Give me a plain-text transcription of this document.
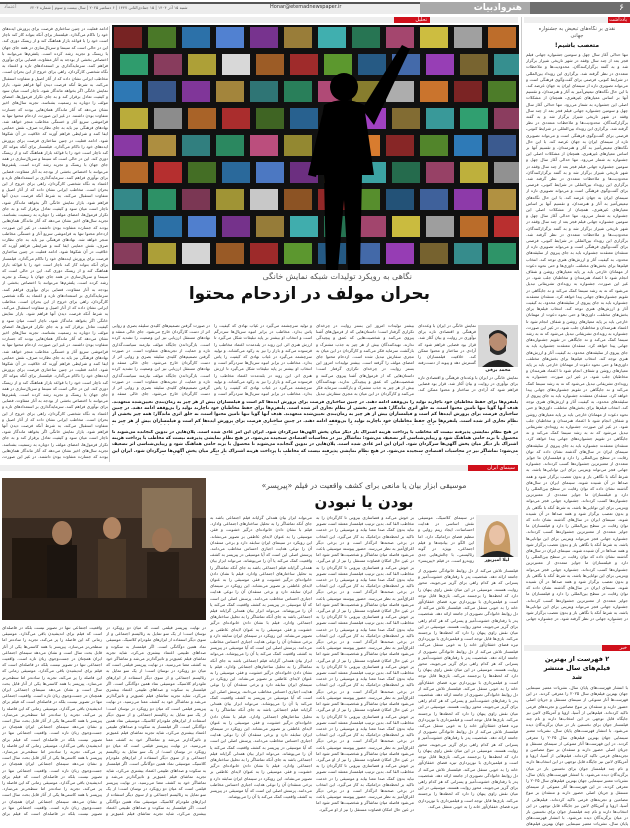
۶
هنروادبیات
Honar@etemadnewspaper.ir
شنبه ۱۵ آذر ۱۴۰۴ | ۱۵ جمادی‌الثانی ۱۴۴۷ | ۶ دسامبر ۲۰۲۵ | سال بیست و سوم | شماره ۶۲۰۴
اعتماد
یادداشت
تحلیل
نقدی بر نگاه‌های تبعیض به جشنواره جهانی
متعصب باشیم!
تنها حدالی آغاز سال چهل و سومین جشنواره جهانی فیلم فجر بعد از چند سال وقفه در شهر تاریخی شیراز برگزار شد و به گفته برگزارکنندگان، محدودیت‌ها و ملاحظات متعددی در نظر گرفته شد. برگزاری این رویداد بین‌المللی در شرایط کنونی، فرصتی برای گفت‌وگوی فرهنگی است و می‌تواند تصویری تازه از سینمای ایران به جهان عرضه کند. با این حال نگاه‌های تبعیض‌آمیز به آثار و هنرمندان، و تقسیم آنها بر اساس معیارهای غیرهنری، همچنان از مشکلات اصلی این جشنواره به شمار می‌رود. تنها حدالی آغاز سال چهل و سومین جشنواره جهانی فیلم فجر بعد از چند سال وقفه در شهر تاریخی شیراز برگزار شد و به گفته برگزارکنندگان، محدودیت‌ها و ملاحظات متعددی در نظر گرفته شد. برگزاری این رویداد بین‌المللی در شرایط کنونی، فرصتی برای گفت‌وگوی فرهنگی است و می‌تواند تصویری تازه از سینمای ایران به جهان عرضه کند. با این حال نگاه‌های تبعیض‌آمیز به آثار و هنرمندان، و تقسیم آنها بر اساس معیارهای غیرهنری، همچنان از مشکلات اصلی این جشنواره به شمار می‌رود. تنها حدالی آغاز سال چهل و سومین جشنواره جهانی فیلم فجر بعد از چند سال وقفه در شهر تاریخی شیراز برگزار شد و به گفته برگزارکنندگان، محدودیت‌ها و ملاحظات متعددی در نظر گرفته شد. برگزاری این رویداد بین‌المللی در شرایط کنونی، فرصتی برای گفت‌وگوی فرهنگی است و می‌تواند تصویری تازه از سینمای ایران به جهان عرضه کند. با این حال نگاه‌های تبعیض‌آمیز به آثار و هنرمندان، و تقسیم آنها بر اساس معیارهای غیرهنری، همچنان از مشکلات اصلی این جشنواره به شمار می‌رود. تنها حدالی آغاز سال چهل و سومین جشنواره جهانی فیلم فجر بعد از چند سال وقفه در شهر تاریخی شیراز برگزار شد و به گفته برگزارکنندگان، محدودیت‌ها و ملاحظات متعددی در نظر گرفته شد. برگزاری این رویداد بین‌المللی در شرایط کنونی، فرصتی برای گفت‌وگوی فرهنگی است و می‌تواند تصویری تازه از
منتقدان معتقدند جشنواره باید به جای پیروی از سلیقه‌های محدود، به کیفیت آثار و ارزش‌های هنری توجه کند. انتخاب فیلم‌ها برای بخش‌های مختلف، داوری‌ها و حتی نحوه دعوت از مهمانان خارجی باید بر پایه معیارهای روشن و شفاف انجام شود تا اعتماد هنرمندان و مخاطبان جلب شود. در غیر این صورت، جشنواره به رویدادی تشریفاتی تبدیل می‌شود که نه به رشد سینما کمک می‌کند و نه جایگاهی در تقویم جشنواره‌های جهانی پیدا خواهد کرد. منتقدان معتقدند جشنواره باید به جای پیروی از سلیقه‌های محدود، به کیفیت آثار و ارزش‌های هنری توجه کند. انتخاب فیلم‌ها برای بخش‌های مختلف، داوری‌ها و حتی نحوه دعوت از مهمانان خارجی باید بر پایه معیارهای روشن و شفاف انجام شود تا اعتماد هنرمندان و مخاطبان جلب شود. در غیر این صورت، جشنواره به رویدادی تشریفاتی تبدیل می‌شود که نه به رشد سینما کمک می‌کند و نه جایگاهی در تقویم جشنواره‌های جهانی پیدا خواهد کرد. منتقدان معتقدند جشنواره باید به جای پیروی از سلیقه‌های محدود، به کیفیت آثار و ارزش‌های هنری توجه کند. انتخاب فیلم‌ها برای بخش‌های مختلف، داوری‌ها و حتی نحوه دعوت از مهمانان خارجی باید بر پایه معیارهای روشن و شفاف انجام شود تا اعتماد هنرمندان و مخاطبان جلب شود. در غیر این صورت، جشنواره به رویدادی تشریفاتی تبدیل می‌شود که نه به رشد سینما کمک می‌کند و نه جایگاهی در تقویم جشنواره‌های جهانی پیدا خواهد کرد. منتقدان معتقدند جشنواره باید به جای پیروی از سلیقه‌های محدود، به کیفیت آثار و ارزش‌های هنری توجه کند. انتخاب فیلم‌ها برای بخش‌های مختلف، داوری‌ها و حتی نحوه دعوت از مهمانان خارجی باید بر پایه معیارهای روشن و شفاف انجام شود تا اعتماد هنرمندان و مخاطبان جلب شود. در غیر این صورت، جشنواره به رویدادی تشریفاتی تبدیل می‌شود که نه به رشد سینما کمک می‌کند و نه جایگاهی در تقویم جشنواره‌های جهانی پیدا خواهد کرد. منتقدان معتقدند جشنواره باید به جای پیروی از سلیقه‌های
سینمای ایران در سال‌های گذشته نشان داده که توان رقابت در سطح بین‌المللی را دارد و فیلمسازان ما جوایز متعددی از معتبرترین جشنواره‌ها کسب کرده‌اند. جشنواره جهانی فجر می‌تواند ویترینی برای این توانایی‌ها باشد، به شرط آنکه با نگاهی باز و بدون تعصب برگزار شود و همه صداها در آن شنیده شوند. سینمای ایران در سال‌های گذشته نشان داده که توان رقابت در سطح بین‌المللی را دارد و فیلمسازان ما جوایز متعددی از معتبرترین جشنواره‌ها کسب کرده‌اند. جشنواره جهانی فجر می‌تواند ویترینی برای این توانایی‌ها باشد، به شرط آنکه با نگاهی باز و بدون تعصب برگزار شود و همه صداها در آن شنیده شوند. سینمای ایران در سال‌های گذشته نشان داده که توان رقابت در سطح بین‌المللی را دارد و فیلمسازان ما جوایز متعددی از معتبرترین جشنواره‌ها کسب کرده‌اند. جشنواره جهانی فجر می‌تواند ویترینی برای این توانایی‌ها باشد، به شرط آنکه با نگاهی باز و بدون تعصب برگزار شود و همه صداها در آن شنیده شوند. سینمای ایران در سال‌های گذشته نشان داده که توان رقابت در سطح بین‌المللی را دارد و فیلمسازان ما جوایز متعددی از معتبرترین جشنواره‌ها کسب کرده‌اند. جشنواره جهانی فجر می‌تواند ویترینی برای این توانایی‌ها باشد، به شرط آنکه با نگاهی باز و بدون تعصب برگزار شود و همه صداها در آن شنیده شوند. سینمای ایران در سال‌های گذشته نشان داده که توان رقابت در سطح بین‌المللی را دارد و فیلمسازان ما جوایز متعددی از معتبرترین جشنواره‌ها کسب کرده‌اند. جشنواره جهانی فجر می‌تواند ویترینی برای این توانایی‌ها باشد، به شرط آنکه با نگاهی باز و بدون تعصب برگزار شود
در جشنواره جهانی در نظر گرفته شود. در جشنواره جهانی
خبر
۲ فهرست از بهترین فیلم‌های سال منتشر شد
با انتشار فهرست‌های پایان سال، نشریات معتبر سینمایی جهان بهترین فیلم‌های سال ۲۰۲۵ را معرفی کردند. در این فهرست‌ها آثار متنوعی از سینمای مستقل و جریان اصلی حضور دارند و منتقدان بر تنوع مضامین و تجربه‌های فرمی تاکید کرده‌اند. فیلم‌هایی از آسیا، اروپا و آمریکای لاتین نیز جایگاه قابل توجهی در این انتخاب‌ها دارند و نام چند فیلمساز جوان برای نخستین بار در میان برگزیدگان دیده می‌شود. با انتشار فهرست‌های پایان سال، نشریات معتبر سینمایی جهان بهترین فیلم‌های سال ۲۰۲۵ را معرفی کردند. در این فهرست‌ها آثار متنوعی از سینمای مستقل و جریان اصلی حضور دارند و منتقدان بر تنوع مضامین و تجربه‌های فرمی تاکید کرده‌اند. فیلم‌هایی از آسیا، اروپا و آمریکای لاتین نیز جایگاه قابل توجهی در این انتخاب‌ها دارند و نام چند فیلمساز جوان برای نخستین بار در میان برگزیدگان دیده می‌شود. با انتشار فهرست‌های پایان سال، نشریات معتبر سینمایی جهان بهترین فیلم‌های سال ۲۰۲۵ را معرفی کردند. در این فهرست‌ها آثار متنوعی از سینمای مستقل و جریان اصلی حضور دارند و منتقدان بر تنوع مضامین و تجربه‌های فرمی تاکید کرده‌اند. فیلم‌هایی از آسیا، اروپا و آمریکای لاتین نیز جایگاه قابل توجهی در این انتخاب‌ها دارند و نام چند فیلمساز جوان برای نخستین بار در میان برگزیدگان دیده می‌شود. با انتشار فهرست‌های پایان سال، نشریات معتبر سینمایی جهان بهترین فیلم‌های
ادامه فعلیت در چنین ساختاری فرصت برای پرورش ایده‌های خود را ناکام می‌گذارد. فیلمساز برای آنکه بتواند کار کند ناچار است خود را با قواعد بازار هماهنگ کند و از ریسک دوری کند. این در حالی است که سینما و سریال‌سازی در همه جای جهان با ریسک و تجربه رشد کرده است. پلتفرم‌ها می‌توانند با اختصاص بخشی از بودجه به آثار متفاوت، فضایی برای نوآوری فراهم کنند. سرمایه‌گذاری بر استعدادهای تازه و اعتماد به نگاه شخصی کارگردان، راهی برای خروج از این بحران است. مخاطب ایرانی نشان داده که از آثار اصیل و متفاوت استقبال می‌کند، به شرط آنکه فرصت دیدن آنها فراهم شود. بازار نمایش خانگی اگر بخواهد ماندگار شود، ناچار است میان سود و کیفیت تعادل برقرار کند و به جای تکرار فرمول‌ها، امضای مولف را دوباره به رسمیت بشناسد. تجربه سال‌های اخیر نشان می‌دهد که آثار ماندگار همان‌هایی بودند که جسارت متفاوت بودن داشتند. در غیر این صورت، ازدحام محتوا تنها به فراموشی سریع آثار و خستگی مخاطب منجر خواهد شد. نهادهای فرهنگی نیز باید به جای نظارت صرف، نقش حمایتی ایفا کنند و شرایطی فراهم آورند که خلاقیت در آن شکوفا شود. ادامه فعلیت در چنین ساختاری فرصت برای پرورش ایده‌های خود را ناکام می‌گذارد. فیلمساز برای آنکه بتواند کار کند ناچار است خود را با قواعد بازار هماهنگ کند و از ریسک دوری کند. این در حالی است که سینما و سریال‌سازی در همه جای جهان با ریسک و تجربه رشد کرده است. پلتفرم‌ها می‌توانند با اختصاص بخشی از بودجه به آثار متفاوت، فضایی برای نوآوری فراهم کنند. سرمایه‌گذاری بر استعدادهای تازه و اعتماد به نگاه شخصی کارگردان، راهی برای خروج از این بحران است. مخاطب ایرانی نشان داده که از آثار اصیل و متفاوت استقبال می‌کند، به شرط آنکه فرصت دیدن آنها فراهم شود. بازار نمایش خانگی اگر بخواهد ماندگار شود، ناچار است میان سود و کیفیت تعادل برقرار کند و به جای تکرار فرمول‌ها، امضای مولف را دوباره به رسمیت بشناسد. تجربه سال‌های اخیر نشان می‌دهد که آثار ماندگار همان‌هایی بودند که جسارت متفاوت بودن داشتند. در غیر این صورت، ازدحام محتوا تنها به فراموشی سریع آثار و خستگی مخاطب منجر خواهد شد. نهادهای فرهنگی نیز باید به جای نظارت صرف، نقش حمایتی ایفا کنند و شرایطی فراهم آورند که خلاقیت در آن شکوفا شود. ادامه فعلیت در چنین ساختاری فرصت برای پرورش ایده‌های خود را ناکام می‌گذارد. فیلمساز برای آنکه بتواند کار کند ناچار است خود را با قواعد بازار هماهنگ کند و از ریسک دوری کند. این در حالی است که سینما و سریال‌سازی در همه جای جهان با ریسک و تجربه رشد کرده است. پلتفرم‌ها می‌توانند با اختصاص بخشی از بودجه به آثار متفاوت، فضایی برای نوآوری فراهم کنند. سرمایه‌گذاری بر استعدادهای تازه و اعتماد به نگاه شخصی کارگردان، راهی برای خروج از این بحران است. مخاطب ایرانی نشان داده که از آثار اصیل و متفاوت استقبال می‌کند، به شرط آنکه فرصت دیدن آنها فراهم شود. بازار نمایش خانگی اگر بخواهد ماندگار شود، ناچار است میان سود و کیفیت تعادل برقرار کند و به جای تکرار فرمول‌ها، امضای مولف را دوباره به رسمیت بشناسد. تجربه سال‌های اخیر نشان می‌دهد که آثار ماندگار همان‌هایی بودند که جسارت متفاوت بودن داشتند. در غیر این صورت، ازدحام محتوا تنها به فراموشی سریع آثار و خستگی مخاطب منجر خواهد شد. نهادهای فرهنگی نیز باید به جای نظارت صرف، نقش حمایتی ایفا کنند و شرایطی فراهم آورند که خلاقیت در آن شکوفا شود. ادامه فعلیت در چنین ساختاری فرصت برای پرورش ایده‌های خود را ناکام می‌گذارد. فیلمساز برای آنکه بتواند کار کند ناچار است خود را با قواعد بازار هماهنگ کند و از ریسک دوری کند. این در حالی است که سینما و سریال‌سازی در همه جای جهان با ریسک و تجربه رشد کرده است. پلتفرم‌ها می‌توانند با اختصاص بخشی از بودجه به آثار متفاوت، فضایی برای نوآوری فراهم کنند. سرمایه‌گذاری بر استعدادهای تازه و اعتماد به نگاه شخصی کارگردان، راهی برای خروج از این بحران است. مخاطب ایرانی نشان داده که از آثار اصیل و متفاوت استقبال می‌کند، به شرط آنکه فرصت دیدن آنها فراهم شود. بازار نمایش خانگی اگر بخواهد ماندگار شود، ناچار است میان سود و کیفیت تعادل برقرار کند و به جای تکرار فرمول‌ها، امضای مولف را دوباره به رسمیت بشناسد. تجربه سال‌های اخیر نشان می‌دهد که آثار ماندگار همان‌هایی بودند که جسارت متفاوت بودن داشتند. در غیر این صورت،
نگاهی به رویکرد تولیدات شبکه نمایش خانگی
بحران مولف در ازدحام محتوا
محمد برقی
نمایش خانگی در ایران با وعده‌ای فرهنگی و اقتصادی تازه برای نوآوری در روایت و بیان آغاز شد. قرار بود فضایی فراهم شود که آزادی در ساختار و محتوا ممکن کند. خلاقیت فیلمسازان را گسترش دهد و پیوند از دست‌رفته
نمایش خانگی در ایران با وعده‌ای فرهنگی و اقتصادی تازه برای نوآوری در روایت و بیان آغاز شد. قرار بود فضایی فراهم شود که آزادی در ساختار و محتوا ممکن کند.
بیشتر تولیدات امروز این بستر روایت در چرخه‌ای تکراری گرفتار است؛ داستان‌هایی که از فرمول‌های آشنا پیروی می‌کنند و شخصیت‌هایی که عمق و پیچیدگی ندارند. تهیه‌کنندگان بیش از هر چیز به جذب مشترک و بازگشت سرمایه فکر می‌کنند و کارگردان در این میان به مجری سفارش تبدیل شده است. ازدحام محتوا جای امضای مولف را گرفته است. بیشتر تولیدات امروز این بستر روایت در چرخه‌ای تکراری گرفتار است؛ داستان‌هایی که از فرمول‌های آشنا پیروی می‌کنند و شخصیت‌هایی که عمق و پیچیدگی ندارند. تهیه‌کنندگان بیش از هر چیز به جذب مشترک و بازگشت سرمایه فکر می‌کنند و کارگردان در این میان به مجری سفارش تبدیل
و تولید سرچشمه می‌گیرد در غیاب نهادی که کیفیت را پاس بدارد. مخاطب در برابر انبوه سریال‌ها سردرگم است و انتخاب او بیشتر بر پایه تبلیغات شکل می‌گیرد تا ارزش هنری اثر. این روند در بلندمدت اعتماد مخاطب را فرسوده می‌کند و بازار را نیز به رکود می‌کشاند. و تولید سرچشمه می‌گیرد در غیاب نهادی که کیفیت را پاس بدارد. مخاطب در برابر انبوه سریال‌ها سردرگم است و انتخاب او بیشتر بر پایه تبلیغات شکل می‌گیرد تا ارزش هنری اثر. این روند در بلندمدت اعتماد مخاطب را فرسوده می‌کند و بازار را نیز به رکود می‌کشاند. و تولید سرچشمه می‌گیرد در غیاب نهادی که کیفیت را پاس بدارد. مخاطب در برابر انبوه سریال‌ها سردرگم است و
در صورت گرفتن تصمیم‌های کلیدی سلیقه بصری و روایی اثر از دست کارگردان خارج می‌شود. جای خالی منتقد و نهادهای مستقل ارزیابی نیز این وضعیت را تشدید کرده است. بازگرداندن جایگاه مولف نیازمند سیاست‌گذاری تازه و حمایت از تجربه‌های متفاوت است. در صورت گرفتن تصمیم‌های کلیدی سلیقه بصری و روایی اثر از دست کارگردان خارج می‌شود. جای خالی منتقد و نهادهای مستقل ارزیابی نیز این وضعیت را تشدید کرده است. بازگرداندن جایگاه مولف نیازمند سیاست‌گذاری تازه و حمایت از تجربه‌های متفاوت است. در صورت گرفتن تصمیم‌های کلیدی سلیقه بصری و روایی اثر از دست کارگردان خارج می‌شود. جای خالی منتقد و
پلتفرم‌ها برای حفظ مخاطبان خود ناچارند تولید را بی‌وقفه ادامه دهند. در چنین ساختاری فرصت برای پرورش ایده‌ها کم است و فیلمسازان بیش از هر چیز به زمان‌بندی تعیین‌شده متعهدند. هدف آنها گویا تنها تامین محتوا است، نه خلق اثری ماندگار؛ همه چیز بخشی از نظام تجاری اثر شده است. پلتفرم‌ها برای حفظ مخاطبان خود ناچارند تولید را بی‌وقفه ادامه دهند. در چنین ساختاری فرصت برای پرورش ایده‌ها کم است و فیلمسازان بیش از هر چیز به زمان‌بندی تعیین‌شده متعهدند. هدف آنها گویا تنها تامین محتوا است، نه خلق اثری ماندگار؛ همه چیز بخشی از نظام تجاری اثر شده است. پلتفرم‌ها برای حفظ مخاطبان خود ناچارند تولید را بی‌وقفه ادامه دهند. در چنین ساختاری فرصت برای پرورش ایده‌ها کم است و فیلمسازان بیش از هر چیز به
در هیچ نظام نمایشی پذیرفته نیست که مخاطب با پرداخت هزینه اشتراک بار دیگر میان پخش آگهی‌ها سرگردان شود. ایران این امر عادی شده است. پلان‌هایی در تدوین گنجانده می‌شوند تا محصول با برند حامی هماهنگ شود و زیبایی‌شناسی اثر تضعیف می‌شود؛ تماشاگر نیز در محاسبات اقتصادی سنجیده می‌شود. در هیچ نظام نمایشی پذیرفته نیست که مخاطب با پرداخت هزینه اشتراک بار دیگر میان پخش آگهی‌ها سرگردان شود. ایران این امر عادی شده است. پلان‌هایی در تدوین گنجانده می‌شوند تا محصول با برند حامی هماهنگ شود و زیبایی‌شناسی اثر تضعیف می‌شود؛ تماشاگر نیز در محاسبات اقتصادی سنجیده می‌شود. در هیچ نظام نمایشی پذیرفته نیست که مخاطب با پرداخت هزینه اشتراک بار دیگر میان پخش آگهی‌ها سرگردان شود. ایران این
سینمای ایران
موسیقی ابزار بیان یا مانعی برای کشف واقعیت در فیلم «پیرپسر»
بودن یا نبودن
لیلا امیرپور
در سینمای کلاسیک، موسیقی نقش اساسی در هدایت احساسات، ایجاد ریتم روایی و تنظیم فضای دراماتیک دارد. اما این الگو در بیانچه‌ها و فیلم اجتماعی، بویژه در گونه رئالیستی، با چالش‌هایی جدی روبه‌رو است. در فیلم «پیرپسر»
فیلمساز تلاش می‌کند از دل روابط خانوادگی تصویری از جامعه ارائه دهد. شخصیت پدر با رفتارهای خشونت‌آمیز و پسرانی که هر کدام راهی برای گریز می‌جویند، محور روایت هستند. موسیقی در این میان نقش راوی پنهان را دارد که لحظه‌ها را برجسته می‌کند. بازی‌ها قابل توجه است و فیلمبرداری با نورپردازی تیره فضای خفقان‌آور خانه را به خوبی منتقل می‌کند. فیلمساز تلاش می‌کند از دل روابط خانوادگی تصویری از جامعه ارائه دهد. شخصیت پدر با رفتارهای خشونت‌آمیز و پسرانی که هر کدام راهی برای گریز می‌جویند، محور روایت هستند. موسیقی در این میان نقش راوی پنهان را دارد که لحظه‌ها را برجسته می‌کند. بازی‌ها قابل توجه است و فیلمبرداری با نورپردازی تیره فضای خفقان‌آور خانه را به خوبی منتقل می‌کند. فیلمساز تلاش می‌کند از دل روابط خانوادگی تصویری از جامعه ارائه دهد. شخصیت پدر با رفتارهای خشونت‌آمیز و پسرانی که هر کدام راهی برای گریز می‌جویند، محور روایت هستند. موسیقی در این میان نقش راوی پنهان را دارد که لحظه‌ها را برجسته می‌کند. بازی‌ها قابل توجه است و فیلمبرداری با نورپردازی تیره فضای خفقان‌آور خانه را به خوبی منتقل می‌کند. فیلمساز تلاش می‌کند از دل روابط خانوادگی تصویری از جامعه ارائه دهد. شخصیت پدر با رفتارهای خشونت‌آمیز و پسرانی که هر کدام راهی برای گریز می‌جویند، محور روایت هستند. موسیقی در این میان نقش راوی پنهان را دارد که لحظه‌ها را برجسته می‌کند. بازی‌ها قابل توجه است و فیلمبرداری با نورپردازی تیره فضای خفقان‌آور خانه را به خوبی منتقل می‌کند. فیلمساز تلاش می‌کند از دل روابط خانوادگی تصویری از جامعه ارائه دهد. شخصیت پدر با رفتارهای خشونت‌آمیز و پسرانی که هر کدام راهی برای گریز می‌جویند، محور روایت هستند. موسیقی در این میان نقش راوی پنهان را دارد که لحظه‌ها را برجسته می‌کند. بازی‌ها قابل توجه است و فیلمبرداری با نورپردازی تیره فضای خفقان‌آور خانه را به خوبی منتقل می‌کند. فیلمساز تلاش می‌کند از دل روابط خانوادگی تصویری از جامعه ارائه دهد. شخصیت پدر با رفتارهای خشونت‌آمیز و پسرانی که هر کدام راهی برای گریز می‌جویند، محور روایت هستند. موسیقی در این میان نقش راوی پنهان را دارد که لحظه‌ها را برجسته می‌کند. بازی‌ها قابل توجه است و فیلمبرداری با نورپردازی تیره فضای خفقان‌آور خانه را به خوبی منتقل می‌کند.
بر خوش می‌کند و فضاسازی بیرونی تا کارگردان را به مخاطب القا کند. بدین ترتیب فیلمساز معتقد است تصویر نباید بدون کمک صدا معنا بیابد و موسیقی را در خدمت تاکید بر لحظه‌های دراماتیک به کار می‌گیرد. این انتخاب در برخی صحنه‌ها اثرگذار است و در برخی دیگر اغراق‌آمیز به نظر می‌رسد. حضور پیوسته موسیقی باعث می‌شود فاصله میان تماشاگر و شخصیت‌ها کمتر شود اما در عین حال امکان قضاوت مستقل را نیز از او می‌گیرد. بر خوش می‌کند و فضاسازی بیرونی تا کارگردان را به مخاطب القا کند. بدین ترتیب فیلمساز معتقد است تصویر نباید بدون کمک صدا معنا بیابد و موسیقی را در خدمت تاکید بر لحظه‌های دراماتیک به کار می‌گیرد. این انتخاب در برخی صحنه‌ها اثرگذار است و در برخی دیگر اغراق‌آمیز به نظر می‌رسد. حضور پیوسته موسیقی باعث می‌شود فاصله میان تماشاگر و شخصیت‌ها کمتر شود اما در عین حال امکان قضاوت مستقل را نیز از او می‌گیرد. بر خوش می‌کند و فضاسازی بیرونی تا کارگردان را به مخاطب القا کند. بدین ترتیب فیلمساز معتقد است تصویر نباید بدون کمک صدا معنا بیابد و موسیقی را در خدمت تاکید بر لحظه‌های دراماتیک به کار می‌گیرد. این انتخاب در برخی صحنه‌ها اثرگذار است و در برخی دیگر اغراق‌آمیز به نظر می‌رسد. حضور پیوسته موسیقی باعث می‌شود فاصله میان تماشاگر و شخصیت‌ها کمتر شود اما در عین حال امکان قضاوت مستقل را نیز از او می‌گیرد. بر خوش می‌کند و فضاسازی بیرونی تا کارگردان را به مخاطب القا کند. بدین ترتیب فیلمساز معتقد است تصویر نباید بدون کمک صدا معنا بیابد و موسیقی را در خدمت تاکید بر لحظه‌های دراماتیک به کار می‌گیرد. این انتخاب در برخی صحنه‌ها اثرگذار است و در برخی دیگر اغراق‌آمیز به نظر می‌رسد. حضور پیوسته موسیقی باعث می‌شود فاصله میان تماشاگر و شخصیت‌ها کمتر شود اما در عین حال امکان قضاوت مستقل را نیز از او می‌گیرد. بر خوش می‌کند و فضاسازی بیرونی تا کارگردان را به مخاطب القا کند. بدین ترتیب فیلمساز معتقد است تصویر نباید بدون کمک صدا معنا بیابد و موسیقی را در خدمت تاکید بر لحظه‌های دراماتیک به کار می‌گیرد. این انتخاب در برخی صحنه‌ها اثرگذار است و در برخی دیگر اغراق‌آمیز به نظر می‌رسد. حضور پیوسته موسیقی باعث می‌شود فاصله میان تماشاگر و شخصیت‌ها کمتر شود اما در عین حال امکان قضاوت مستقل را نیز از او می‌گیرد. بر خوش می‌کند و فضاسازی بیرونی تا کارگردان را به مخاطب القا کند. بدین ترتیب فیلمساز معتقد است تصویر نباید بدون کمک صدا معنا بیابد و موسیقی را در خدمت تاکید بر لحظه‌های دراماتیک به کار می‌گیرد. این انتخاب در برخی صحنه‌ها اثرگذار است و در برخی دیگر اغراق‌آمیز به نظر می‌رسد. حضور پیوسته موسیقی باعث می‌شود فاصله میان تماشاگر و شخصیت‌ها کمتر شود اما در عین حال امکان قضاوت مستقل را نیز از او می‌گیرد.
می‌تواند ابزار بیان همدلی گرایانه فیلم اجتماعی باشد به جای آنکه تماشاگر را به تحلیل ساختارهای اجتماعی وادارد. فیلم با نشان دادن خانواده‌ای درگیر خشونت و فقر، موسیقی را به عنوان لایه‌ای عاطفی بر تصویر می‌نشاند. این رویکرد در سینمای ایران سابقه دارد و برخی منتقدان آن را نوعی هدایت اجباری احساس مخاطب می‌دانند. پرسش اصلی این است که آیا موسیقی در پیرپسر به کشف واقعیت کمک می‌کند یا آن را می‌پوشاند. می‌تواند ابزار بیان همدلی گرایانه فیلم اجتماعی باشد به جای آنکه تماشاگر را به تحلیل ساختارهای اجتماعی وادارد. فیلم با نشان دادن خانواده‌ای درگیر خشونت و فقر، موسیقی را به عنوان لایه‌ای عاطفی بر تصویر می‌نشاند. این رویکرد در سینمای ایران سابقه دارد و برخی منتقدان آن را نوعی هدایت اجباری احساس مخاطب می‌دانند. پرسش اصلی این است که آیا موسیقی در پیرپسر به کشف واقعیت کمک می‌کند یا آن را می‌پوشاند. می‌تواند ابزار بیان همدلی گرایانه فیلم اجتماعی باشد به جای آنکه تماشاگر را به تحلیل ساختارهای اجتماعی وادارد. فیلم با نشان دادن خانواده‌ای درگیر خشونت و فقر، موسیقی را به عنوان لایه‌ای عاطفی بر تصویر می‌نشاند. این رویکرد در سینمای ایران سابقه دارد و برخی منتقدان آن را نوعی هدایت اجباری احساس مخاطب می‌دانند. پرسش اصلی این است که آیا موسیقی در پیرپسر به کشف واقعیت کمک می‌کند یا آن را می‌پوشاند. می‌تواند ابزار بیان همدلی گرایانه فیلم اجتماعی باشد به جای آنکه تماشاگر را به تحلیل ساختارهای اجتماعی وادارد. فیلم با نشان دادن خانواده‌ای درگیر خشونت و فقر، موسیقی را به عنوان لایه‌ای عاطفی بر تصویر می‌نشاند. این رویکرد در سینمای ایران سابقه دارد و برخی منتقدان آن را نوعی هدایت اجباری احساس مخاطب می‌دانند. پرسش اصلی این است که آیا موسیقی در پیرپسر به کشف واقعیت کمک می‌کند یا آن را می‌پوشاند. می‌تواند ابزار بیان همدلی گرایانه فیلم اجتماعی باشد به جای آنکه تماشاگر را به تحلیل ساختارهای اجتماعی وادارد. فیلم با نشان دادن خانواده‌ای درگیر خشونت و فقر، موسیقی را به عنوان لایه‌ای عاطفی بر تصویر می‌نشاند. این رویکرد در سینمای ایران سابقه دارد و برخی منتقدان آن را نوعی هدایت اجباری احساس مخاطب می‌دانند. پرسش اصلی این است که آیا موسیقی در پیرپسر به کشف واقعیت کمک می‌کند یا آن را می‌پوشاند. می‌تواند ابزار بیان همدلی گرایانه فیلم اجتماعی باشد به جای آنکه تماشاگر را به تحلیل ساختارهای اجتماعی وادارد. فیلم با نشان دادن خانواده‌ای درگیر خشونت و فقر، موسیقی را به عنوان لایه‌ای عاطفی بر تصویر می‌نشاند. این رویکرد در سینمای ایران سابقه دارد و برخی منتقدان آن را نوعی هدایت اجباری احساس مخاطب می‌دانند. پرسش اصلی این است که آیا موسیقی در پیرپسر به کشف واقعیت کمک می‌کند یا آن را می‌پوشاند.
در نهایت پیرپسر فیلمی است که میان دو رویکرد در نوسان است؛ از یک سو تمایل به رئالیسم اجتماعی و از سوی دیگر استفاده از ابزارهای ملودرام کلاسیک. موسیقی نماد همین دوگانگی است. اگر فیلمساز به سکوت و صداهای طبیعی اعتماد بیشتری می‌کرد، شاید تجربه تماشای فیلم عمیق‌تر و تاثیرگذارتر می‌شد و تماشاگر خود به کشف معنا می‌رسید. در نهایت پیرپسر فیلمی است که میان دو رویکرد در نوسان است؛ از یک سو تمایل به رئالیسم اجتماعی و از سوی دیگر استفاده از ابزارهای ملودرام کلاسیک. موسیقی نماد همین دوگانگی است. اگر فیلمساز به سکوت و صداهای طبیعی اعتماد بیشتری می‌کرد، شاید تجربه تماشای فیلم عمیق‌تر و تاثیرگذارتر می‌شد و تماشاگر خود به کشف معنا می‌رسید. در نهایت پیرپسر فیلمی است که میان دو رویکرد در نوسان است؛ از یک سو تمایل به رئالیسم اجتماعی و از سوی دیگر استفاده از ابزارهای ملودرام کلاسیک. موسیقی نماد همین دوگانگی است. اگر فیلمساز به سکوت و صداهای طبیعی اعتماد بیشتری می‌کرد، شاید تجربه تماشای فیلم عمیق‌تر و تاثیرگذارتر می‌شد و تماشاگر خود به کشف معنا می‌رسید. در نهایت پیرپسر فیلمی است که میان دو رویکرد در نوسان است؛ از یک سو تمایل به رئالیسم اجتماعی و از سوی دیگر استفاده از ابزارهای ملودرام کلاسیک. موسیقی نماد همین دوگانگی است. اگر فیلمساز به سکوت و صداهای طبیعی اعتماد بیشتری می‌کرد، شاید تجربه تماشای فیلم عمیق‌تر و تاثیرگذارتر می‌شد و تماشاگر خود به کشف معنا می‌رسید. در نهایت پیرپسر فیلمی است که میان دو رویکرد در نوسان است؛ از یک سو تمایل به رئالیسم اجتماعی و از سوی دیگر استفاده از ابزارهای ملودرام کلاسیک. موسیقی نماد همین دوگانگی است. اگر فیلمساز به سکوت و صداهای طبیعی اعتماد بیشتری می‌کرد، شاید تجربه تماشای فیلم عمیق‌تر و
واقعیت اجتماعی تنها در تصویر نیست بلکه در فاصله‌ای است که فیلم برای اندیشیدن باقی می‌گذارد. موسیقی زمانی که این فاصله را پر می‌کند، تجربه را ساده‌تر اما سطحی‌تر می‌سازد. پیرپسر با همه کاستی‌ها یکی از آثار قابل بحث سال است و نشان می‌دهد سینمای اجتماعی ایران همچنان در جست‌وجوی زبان تازه است. واقعیت اجتماعی تنها در تصویر نیست بلکه در فاصله‌ای است که فیلم برای اندیشیدن باقی می‌گذارد. موسیقی زمانی که این فاصله را پر می‌کند، تجربه را ساده‌تر اما سطحی‌تر می‌سازد. پیرپسر با همه کاستی‌ها یکی از آثار قابل بحث سال است و نشان می‌دهد سینمای اجتماعی ایران همچنان در جست‌وجوی زبان تازه است. واقعیت اجتماعی تنها در تصویر نیست بلکه در فاصله‌ای است که فیلم برای اندیشیدن باقی می‌گذارد. موسیقی زمانی که این فاصله را پر می‌کند، تجربه را ساده‌تر اما سطحی‌تر می‌سازد. پیرپسر با همه کاستی‌ها یکی از آثار قابل بحث سال است و نشان می‌دهد سینمای اجتماعی ایران همچنان در جست‌وجوی زبان تازه است. واقعیت اجتماعی تنها در تصویر نیست بلکه در فاصله‌ای است که فیلم برای اندیشیدن باقی می‌گذارد. موسیقی زمانی که این فاصله را پر می‌کند، تجربه را ساده‌تر اما سطحی‌تر می‌سازد. پیرپسر با همه کاستی‌ها یکی از آثار قابل بحث سال است و نشان می‌دهد سینمای اجتماعی ایران همچنان در جست‌وجوی زبان تازه است. واقعیت اجتماعی تنها در تصویر نیست بلکه در فاصله‌ای است که فیلم برای اندیشیدن باقی می‌گذارد. موسیقی زمانی که این فاصله را پر می‌کند، تجربه را ساده‌تر اما سطحی‌تر می‌سازد. پیرپسر با همه کاستی‌ها یکی از آثار قابل بحث سال است و نشان می‌دهد سینمای اجتماعی ایران همچنان در جست‌وجوی زبان تازه است. واقعیت اجتماعی تنها در تصویر نیست بلکه در فاصله‌ای است که فیلم برای
